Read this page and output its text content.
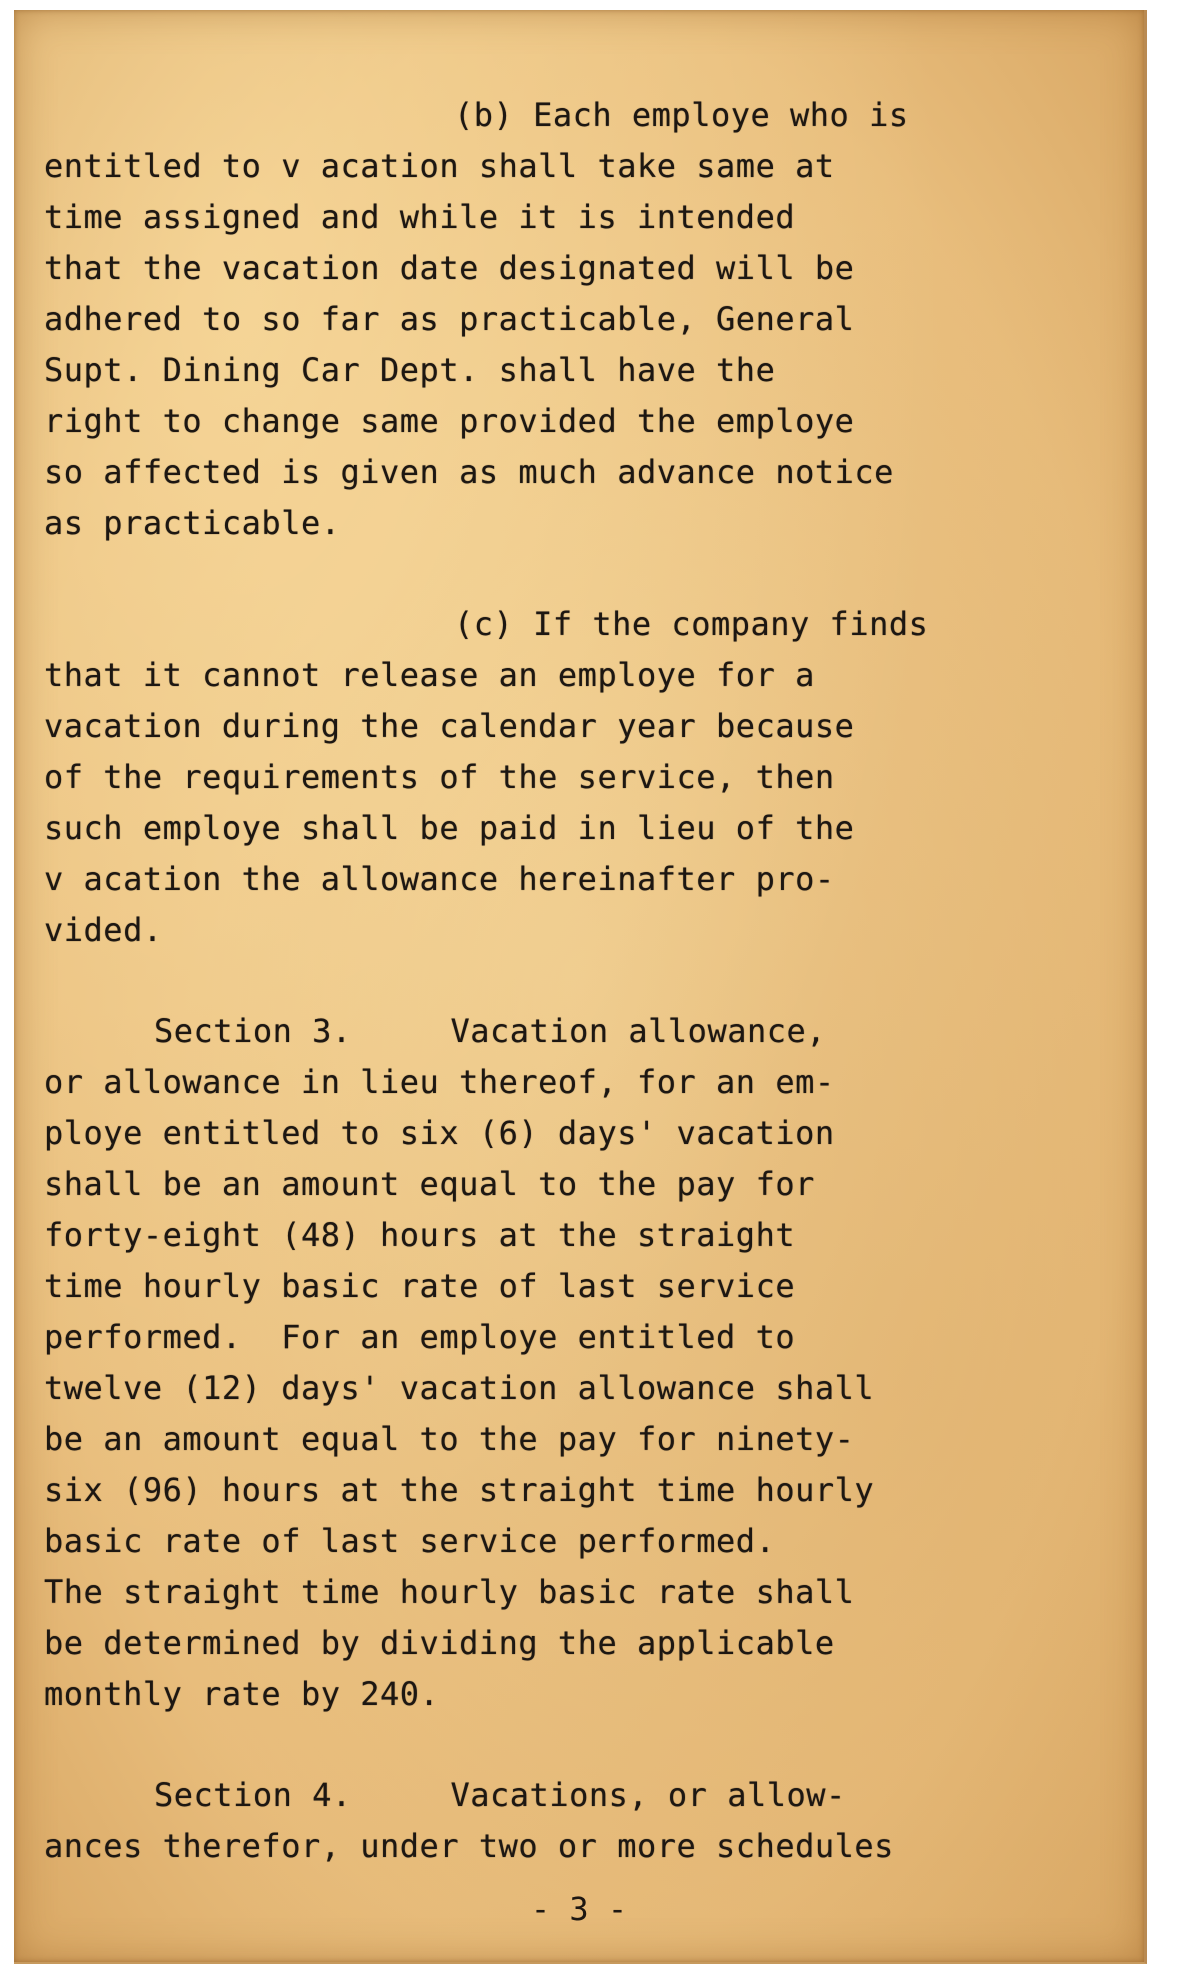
(b) Each employe who is
entitled to v acation shall take same at
time assigned and while it is intended
that the vacation date designated will be
adhered to so far as practicable, General
Supt. Dining Car Dept. shall have the
right to change same provided the employe
so affected is given as much advance notice
as practicable.
(c) If the company finds
that it cannot release an employe for a
vacation during the calendar year because
of the requirements of the service, then
such employe shall be paid in lieu of the
v acation the allowance hereinafter pro-
vided.
Section 3.     Vacation allowance,
or allowance in lieu thereof, for an em-
ploye entitled to six (6) days' vacation
shall be an amount equal to the pay for
forty-eight (48) hours at the straight
time hourly basic rate of last service
performed.  For an employe entitled to
twelve (12) days' vacation allowance shall
be an amount equal to the pay for ninety-
six (96) hours at the straight time hourly
basic rate of last service performed.
The straight time hourly basic rate shall
be determined by dividing the applicable
monthly rate by 240.
Section 4.     Vacations, or allow-
ances therefor, under two or more schedules
- 3 -
